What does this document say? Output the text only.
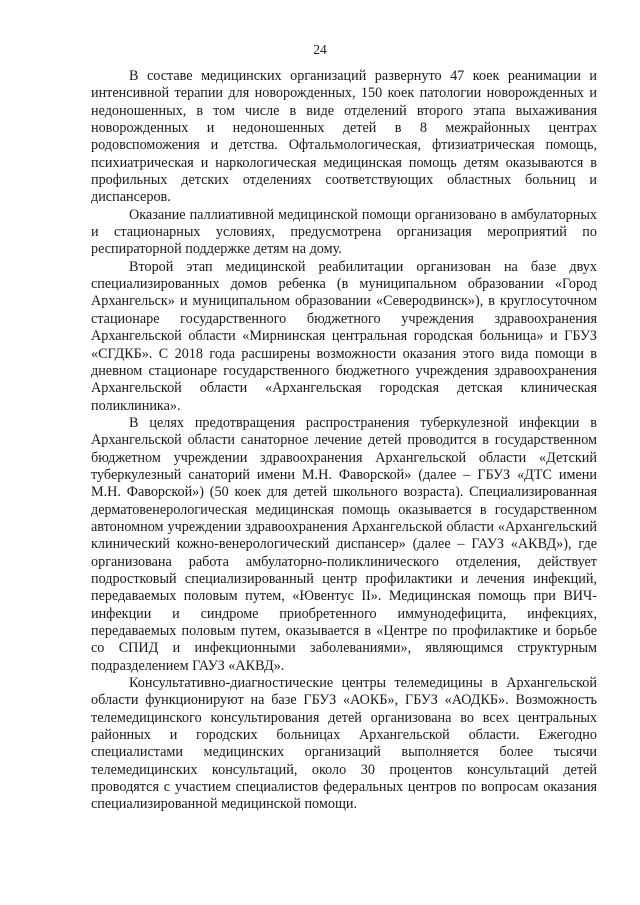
24

В составе медицинских организаций развернуто 47 коек реанимации и интенсивной терапии для новорожденных, 150 коек патологии новорожденных и недоношенных, в том числе в виде отделений второго этапа выхаживания новорожденных и недоношенных детей в 8 межрайонных центрах родовспоможения и детства. Офтальмологическая, фтизиатрическая помощь, психиатрическая и наркологическая медицинская помощь детям оказываются в профильных детских отделениях соответствующих областных больниц и диспансеров.

Оказание паллиативной медицинской помощи организовано в амбулаторных и стационарных условиях, предусмотрена организация мероприятий по респираторной поддержке детям на дому.

Второй этап медицинской реабилитации организован на базе двух специализированных домов ребенка (в муниципальном образовании «Город Архангельск» и муниципальном образовании «Северодвинск»), в круглосуточном стационаре государственного бюджетного учреждения здравоохранения Архангельской области «Мирнинская центральная городская больница» и ГБУЗ «СГДКБ». С 2018 года расширены возможности оказания этого вида помощи в дневном стационаре государственного бюджетного учреждения здравоохранения Архангельской области «Архангельская городская детская клиническая поликлиника».

В целях предотвращения распространения туберкулезной инфекции в Архангельской области санаторное лечение детей проводится в государственном бюджетном учреждении здравоохранения Архангельской области «Детский туберкулезный санаторий имени М.Н. Фаворской» (далее – ГБУЗ «ДТС имени М.Н. Фаворской») (50 коек для детей школьного возраста). Специализированная дерматовенерологическая медицинская помощь оказывается в государственном автономном учреждении здравоохранения Архангельской области «Архангельский клинический кожно-венерологический диспансер» (далее – ГАУЗ «АКВД»), где организована работа амбулаторно-поликлинического отделения, действует подростковый специализированный центр профилактики и лечения инфекций, передаваемых половым путем, «Ювентус II». Медицинская помощь при ВИЧ-инфекции и синдроме приобретенного иммунодефицита, инфекциях, передаваемых половым путем, оказывается в «Центре по профилактике и борьбе со СПИД и инфекционными заболеваниями», являющимся структурным подразделением ГАУЗ «АКВД».

Консультативно-диагностические центры телемедицины в Архангельской области функционируют на базе ГБУЗ «АОКБ», ГБУЗ «АОДКБ». Возможность телемедицинского консультирования детей организована во всех центральных районных и городских больницах Архангельской области. Ежегодно специалистами медицинских организаций выполняется более тысячи телемедицинских консультаций, около 30 процентов консультаций детей проводятся с участием специалистов федеральных центров по вопросам оказания специализированной медицинской помощи.
